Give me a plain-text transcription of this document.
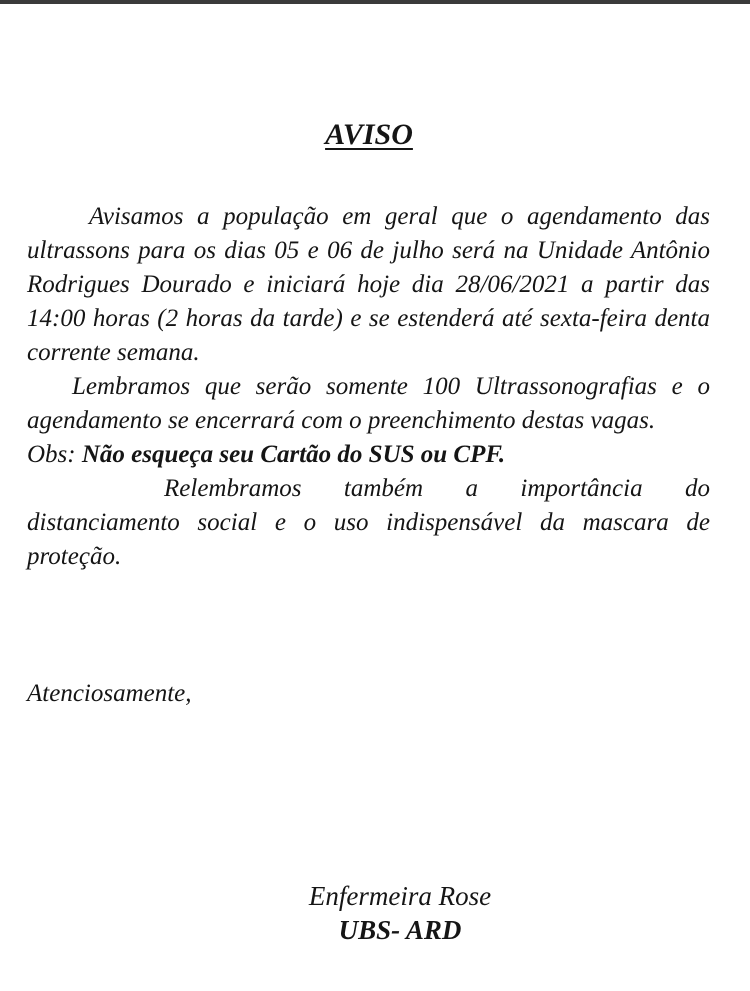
AVISO

Avisamos a população em geral que o agendamento das ultrassons para os dias 05 e 06 de julho será na Unidade Antônio Rodrigues Dourado e iniciará hoje dia 28/06/2021 a partir das 14:00 horas (2 horas da tarde) e se estenderá até sexta-feira denta corrente semana.

Lembramos que serão somente 100 Ultrassonografias e o agendamento se encerrará com o preenchimento destas vagas.

Obs: Não esqueça seu Cartão do SUS ou CPF.

Relembramos também a importância do distanciamento social e o uso indispensável da mascara de proteção.

Atenciosamente,

Enfermeira Rose
UBS- ARD
